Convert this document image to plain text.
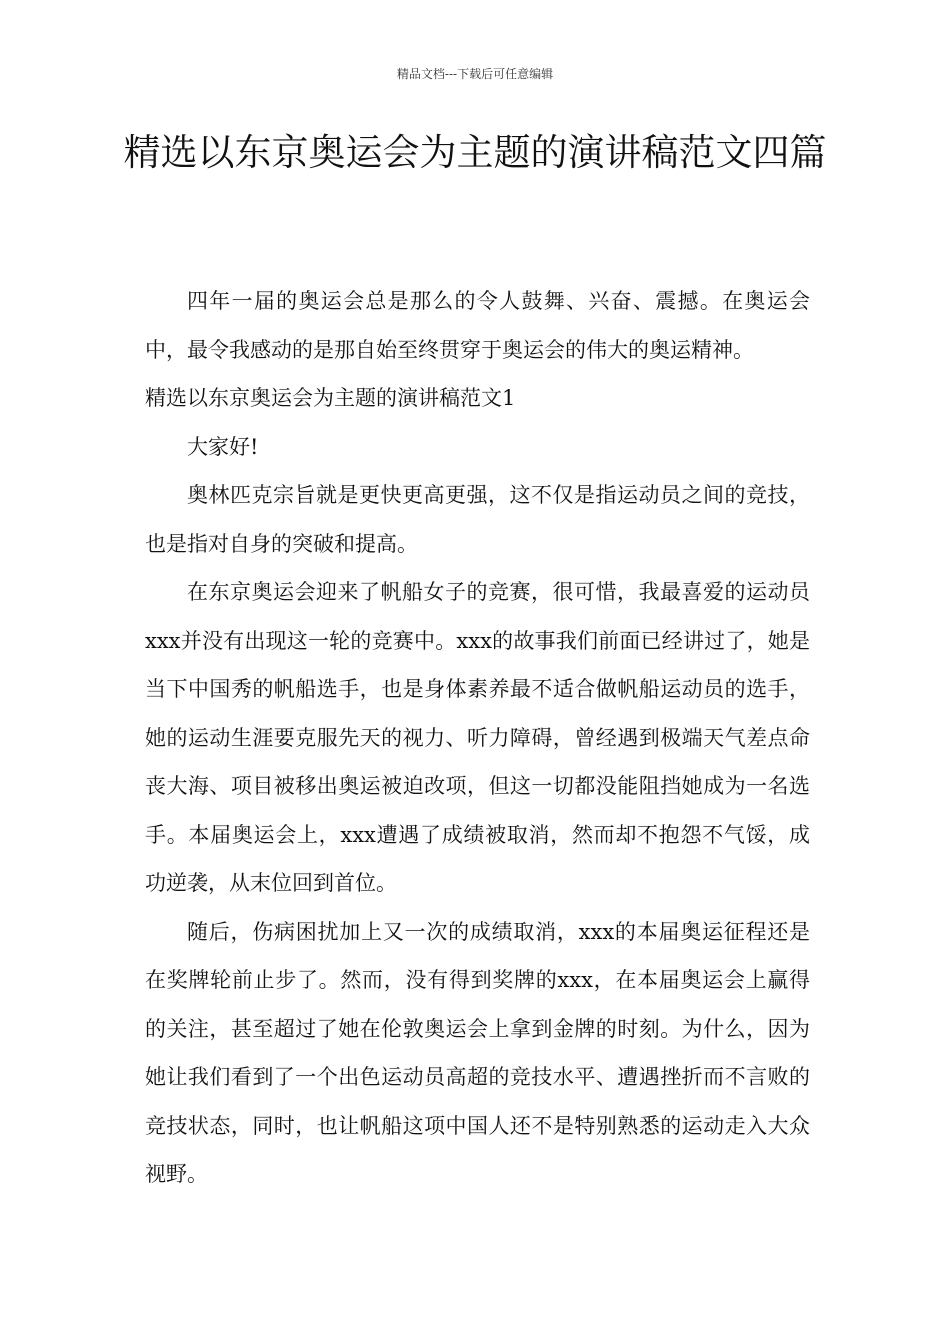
精品文档---下载后可任意编辑
精选以东京奥运会为主题的演讲稿范文四篇

四年一届的奥运会总是那么的令人鼓舞、兴奋、震撼。在奥运会中，最令我感动的是那自始至终贯穿于奥运会的伟大的奥运精神。

精选以东京奥运会为主题的演讲稿范文1

大家好!

奥林匹克宗旨就是更快更高更强，这不仅是指运动员之间的竞技，也是指对自身的突破和提高。

在东京奥运会迎来了帆船女子的竞赛，很可惜，我最喜爱的运动员xxx并没有出现这一轮的竞赛中。xxx的故事我们前面已经讲过了，她是当下中国秀的帆船选手，也是身体素养最不适合做帆船运动员的选手，她的运动生涯要克服先天的视力、听力障碍，曾经遇到极端天气差点命丧大海、项目被移出奥运被迫改项，但这一切都没能阻挡她成为一名选手。本届奥运会上，xxx遭遇了成绩被取消，然而却不抱怨不气馁，成功逆袭，从末位回到首位。

随后，伤病困扰加上又一次的成绩取消，xxx的本届奥运征程还是在奖牌轮前止步了。然而，没有得到奖牌的xxx，在本届奥运会上赢得的关注，甚至超过了她在伦敦奥运会上拿到金牌的时刻。为什么，因为她让我们看到了一个出色运动员高超的竞技水平、遭遇挫折而不言败的竞技状态，同时，也让帆船这项中国人还不是特别熟悉的运动走入大众视野。
